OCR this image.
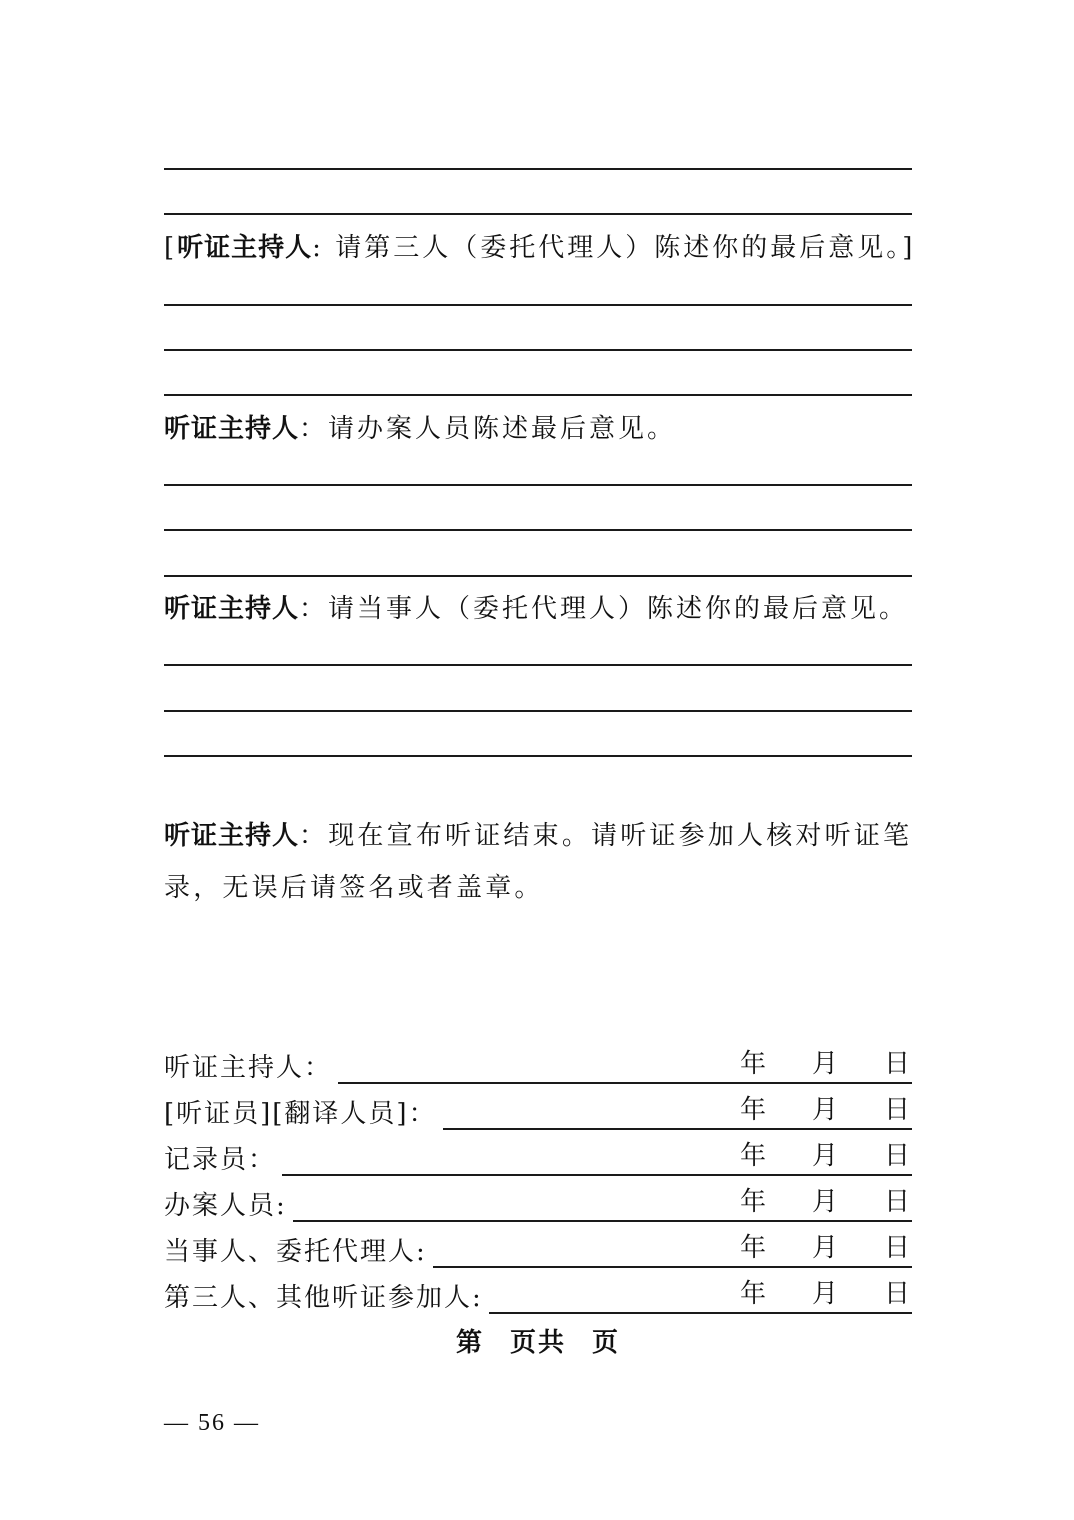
[听证主持人: 请第三人（委托代理人）陈述你的最后意见。]
听证主持人：请办案人员陈述最后意见。
听证主持人：请当事人（委托代理人）陈述你的最后意见。
听证主持人：现在宣布听证结束。请听证参加人核对听证笔录，无误后请签名或者盖章。
听证主持人：	年 月 日
[听证员][翻译人员]：	年 月 日
记录员：	年 月 日
办案人员:	年 月 日
当事人、委托代理人:	年 月 日
第三人、其他听证参加人:	年 月 日
第 页共 页
— 56 —
